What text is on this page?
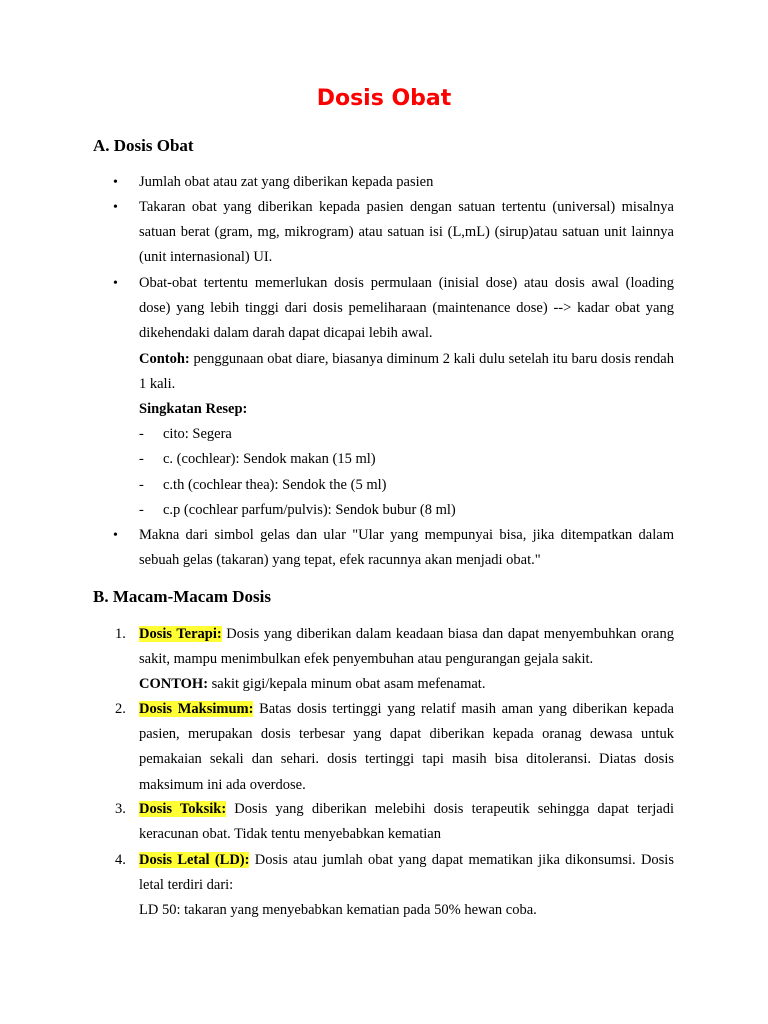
Dosis Obat
A. Dosis Obat
• Jumlah obat atau zat yang diberikan kepada pasien

• Takaran obat yang diberikan kepada pasien dengan satuan tertentu (universal) misalnya satuan berat (gram, mg, mikrogram) atau satuan isi (L,mL) (sirup)atau satuan unit lainnya (unit internasional) UI.

• Obat-obat tertentu memerlukan dosis permulaan (inisial dose) atau dosis awal (loading dose) yang lebih tinggi dari dosis pemeliharaan (maintenance dose) --> kadar obat yang dikehendaki dalam darah dapat dicapai lebih awal.

Contoh: penggunaan obat diare, biasanya diminum 2 kali dulu setelah itu baru dosis rendah 1 kali.

Singkatan Resep:

- cito: Segera

- c. (cochlear): Sendok makan (15 ml)

- c.th (cochlear thea): Sendok the (5 ml)

- c.p (cochlear parfum/pulvis): Sendok bubur (8 ml)

• Makna dari simbol gelas dan ular "Ular yang mempunyai bisa, jika ditempatkan dalam sebuah gelas (takaran) yang tepat, efek racunnya akan menjadi obat."

B. Macam-Macam Dosis
1. Dosis Terapi: Dosis yang diberikan dalam keadaan biasa dan dapat menyembuhkan orang sakit, mampu menimbulkan efek penyembuhan atau pengurangan gejala sakit.

CONTOH: sakit gigi/kepala minum obat asam mefenamat.

2. Dosis Maksimum: Batas dosis tertinggi yang relatif masih aman yang diberikan kepada pasien, merupakan dosis terbesar yang dapat diberikan kepada oranag dewasa untuk pemakaian sekali dan sehari. dosis tertinggi tapi masih bisa ditoleransi. Diatas dosis maksimum ini ada overdose.

3. Dosis Toksik: Dosis yang diberikan melebihi dosis terapeutik sehingga dapat terjadi keracunan obat. Tidak tentu menyebabkan kematian

4. Dosis Letal (LD): Dosis atau jumlah obat yang dapat mematikan jika dikonsumsi. Dosis letal terdiri dari:

LD 50: takaran yang menyebabkan kematian pada 50% hewan coba.
